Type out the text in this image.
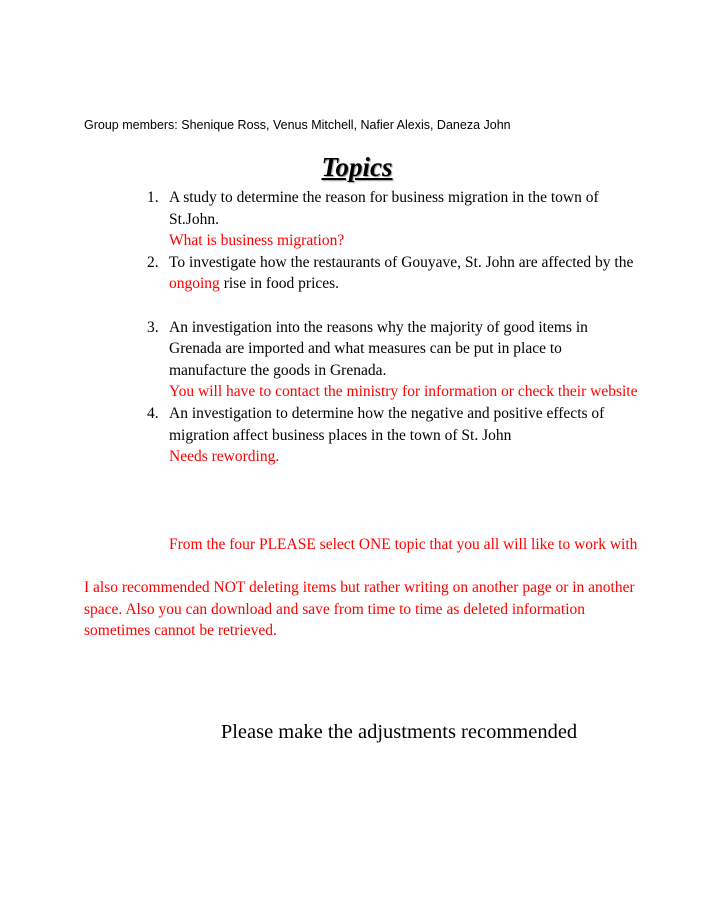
Group members: Shenique Ross, Venus Mitchell, Nafier Alexis, Daneza John
Topics
1. A study to determine the reason for business migration in the town of St.John.
What is business migration?
2. To investigate how the restaurants of Gouyave, St. John are affected by the ongoing rise in food prices.
3. An investigation into the reasons why the majority of good items in Grenada are imported and what measures can be put in place to manufacture the goods in Grenada.
You will have to contact the ministry for information or check their website
4. An investigation to determine how the negative and positive effects of migration affect business places in the town of St. John
Needs rewording.
From the four PLEASE select ONE topic that you all will like to work with
I also recommended NOT deleting items but rather writing on another page or in another space. Also you can download and save from time to time as deleted information sometimes cannot be retrieved.
Please make the adjustments recommended
